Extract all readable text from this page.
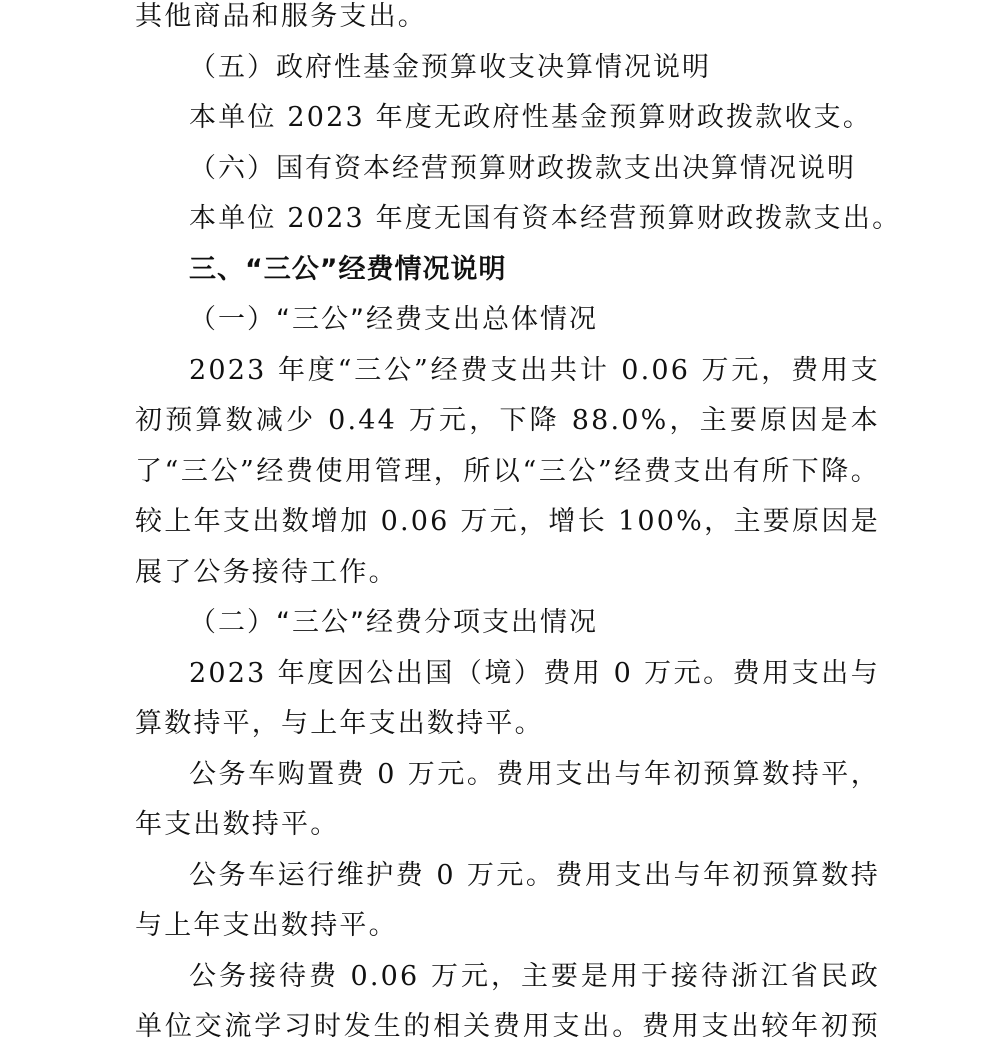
其他商品和服务支出。

（五）政府性基金预算收支决算情况说明

本单位 2023 年度无政府性基金预算财政拨款收支。

（六）国有资本经营预算财政拨款支出决算情况说明

本单位 2023 年度无国有资本经营预算财政拨款支出。

三、“三公”经费情况说明

（一）“三公”经费支出总体情况

2023 年度“三公”经费支出共计 0.06 万元，费用支

初预算数减少 0.44 万元，下降 88.0%，主要原因是本

了“三公”经费使用管理，所以“三公”经费支出有所下降。

较上年支出数增加 0.06 万元，增长 100%，主要原因是

展了公务接待工作。

（二）“三公”经费分项支出情况

2023 年度因公出国（境）费用 0 万元。费用支出与

算数持平，与上年支出数持平。

公务车购置费 0 万元。费用支出与年初预算数持平，

年支出数持平。

公务车运行维护费 0 万元。费用支出与年初预算数持

与上年支出数持平。

公务接待费 0.06 万元，主要是用于接待浙江省民政

单位交流学习时发生的相关费用支出。费用支出较年初预
